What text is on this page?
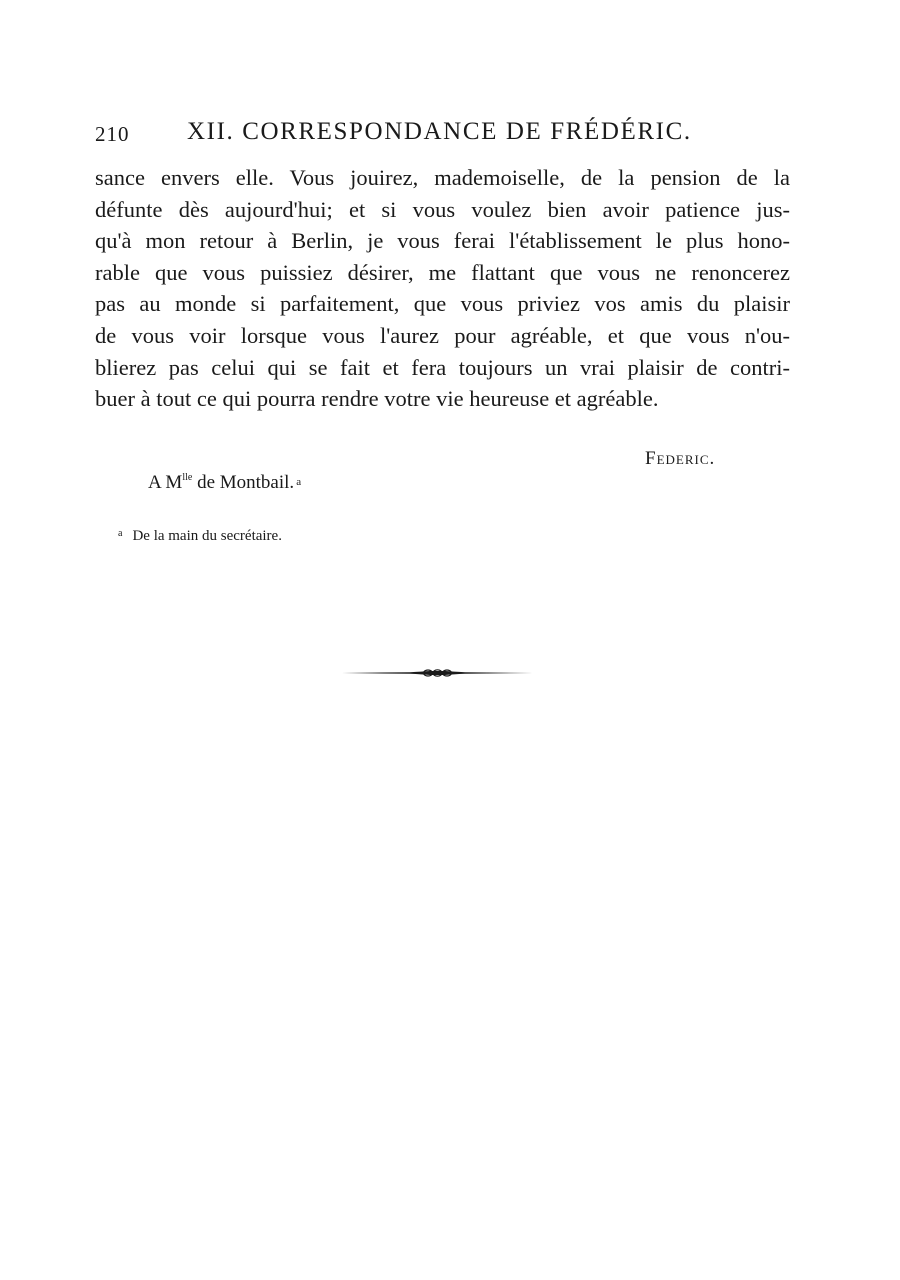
210 XII. CORRESPONDANCE DE FRÉDÉRIC.

sance envers elle. Vous jouirez, mademoiselle, de la pension de la
défunte dès aujourd'hui; et si vous voulez bien avoir patience jus-
qu'à mon retour à Berlin, je vous ferai l'établissement le plus hono-
rable que vous puissiez désirer, me flattant que vous ne renoncerez
pas au monde si parfaitement, que vous priviez vos amis du plaisir
de vous voir lorsque vous l'aurez pour agréable, et que vous n'ou-
blierez pas celui qui se fait et fera toujours un vrai plaisir de contri-
buer à tout ce qui pourra rendre votre vie heureuse et agréable.

Federic.
A $M^{lle}$ de Montbail. a
$^a$ De la main du secrétaire.
